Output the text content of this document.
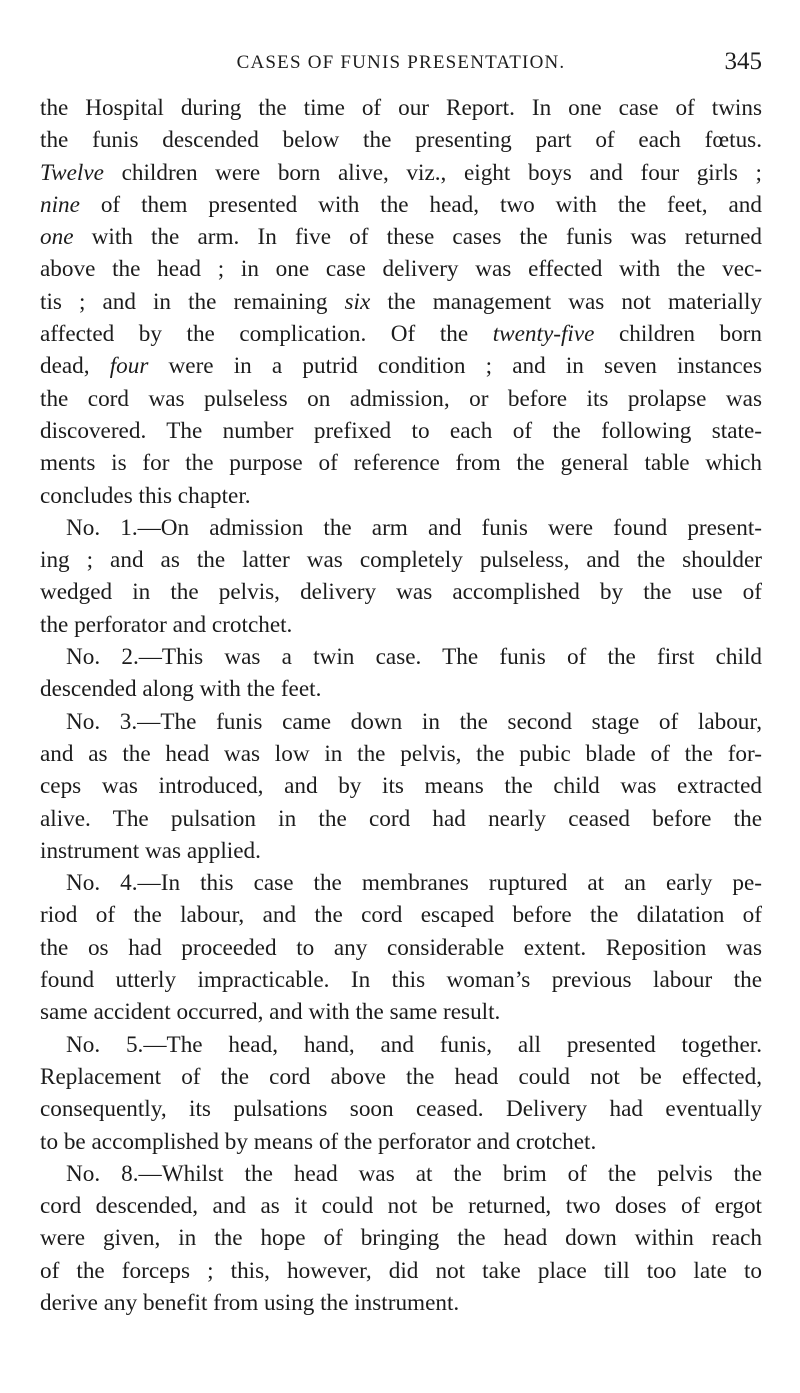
CASES OF FUNIS PRESENTATION.	345

the Hospital during the time of our Report. In one case of twins
the funis descended below the presenting part of each fœtus.
Twelve children were born alive, viz., eight boys and four girls ;
nine of them presented with the head, two with the feet, and
one with the arm. In five of these cases the funis was returned
above the head ; in one case delivery was effected with the vec-
tis ; and in the remaining six the management was not materially
affected by the complication. Of the twenty-five children born
dead, four were in a putrid condition ; and in seven instances
the cord was pulseless on admission, or before its prolapse was
discovered. The number prefixed to each of the following state-
ments is for the purpose of reference from the general table which
concludes this chapter.

No. 1.—On admission the arm and funis were found present-
ing ; and as the latter was completely pulseless, and the shoulder
wedged in the pelvis, delivery was accomplished by the use of
the perforator and crotchet.

No. 2.—This was a twin case. The funis of the first child
descended along with the feet.

No. 3.—The funis came down in the second stage of labour,
and as the head was low in the pelvis, the pubic blade of the for-
ceps was introduced, and by its means the child was extracted
alive. The pulsation in the cord had nearly ceased before the
instrument was applied.

No. 4.—In this case the membranes ruptured at an early pe-
riod of the labour, and the cord escaped before the dilatation of
the os had proceeded to any considerable extent. Reposition was
found utterly impracticable. In this woman’s previous labour the
same accident occurred, and with the same result.

No. 5.—The head, hand, and funis, all presented together.
Replacement of the cord above the head could not be effected,
consequently, its pulsations soon ceased. Delivery had eventually
to be accomplished by means of the perforator and crotchet.

No. 8.—Whilst the head was at the brim of the pelvis the
cord descended, and as it could not be returned, two doses of ergot
were given, in the hope of bringing the head down within reach
of the forceps ; this, however, did not take place till too late to
derive any benefit from using the instrument.
